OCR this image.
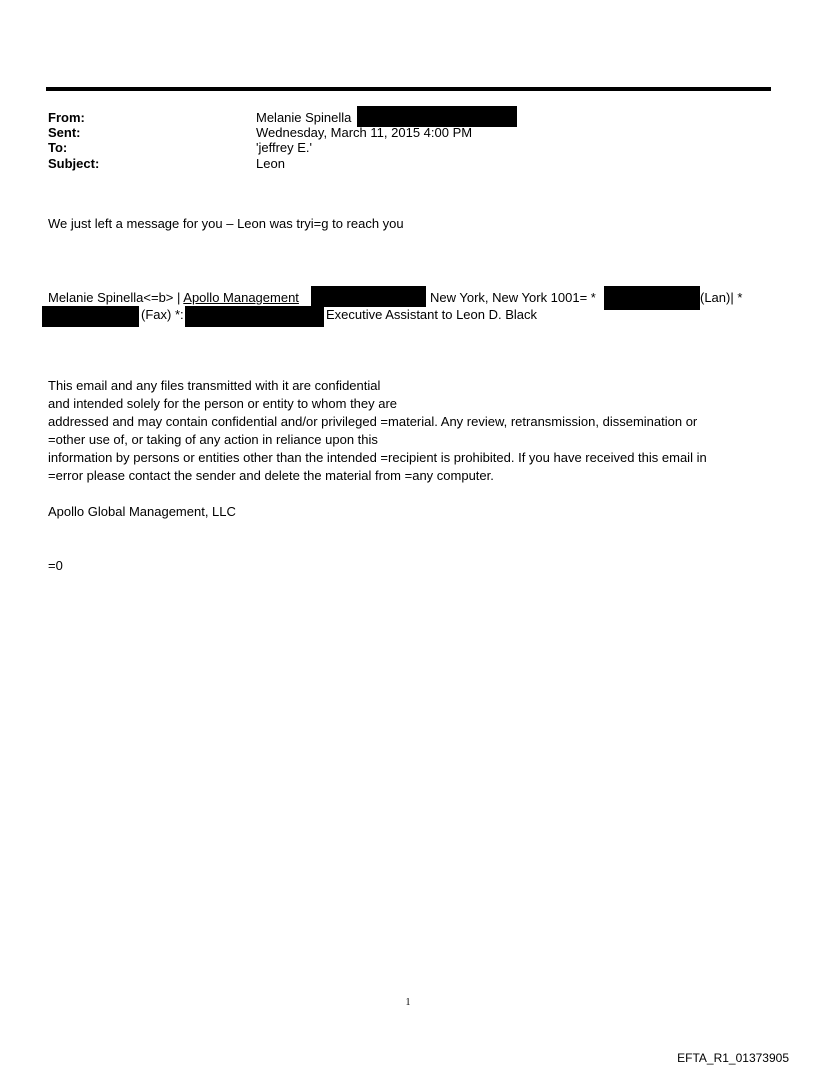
From:	Melanie Spinella
Sent:	Wednesday, March 11, 2015 4:00 PM
To:	'jeffrey E.'
Subject:	Leon
We just left a message for you – Leon was tryi=g to reach you
Melanie Spinella<=b> | Apollo Management	New York, New York 1001= *	(Lan)| *
(Fax) *:	Executive Assistant to Leon D. Black
This email and any files transmitted with it are confidential
and intended solely for the person or entity to whom they are
addressed and may contain confidential and/or privileged =material. Any review, retransmission, dissemination or
=other use of, or taking of any action in reliance upon this
information by persons or entities other than the intended =recipient is prohibited. If you have received this email in
=error please contact the sender and delete the material from =any computer.
Apollo Global Management, LLC
=0
1
EFTA_R1_01373905
